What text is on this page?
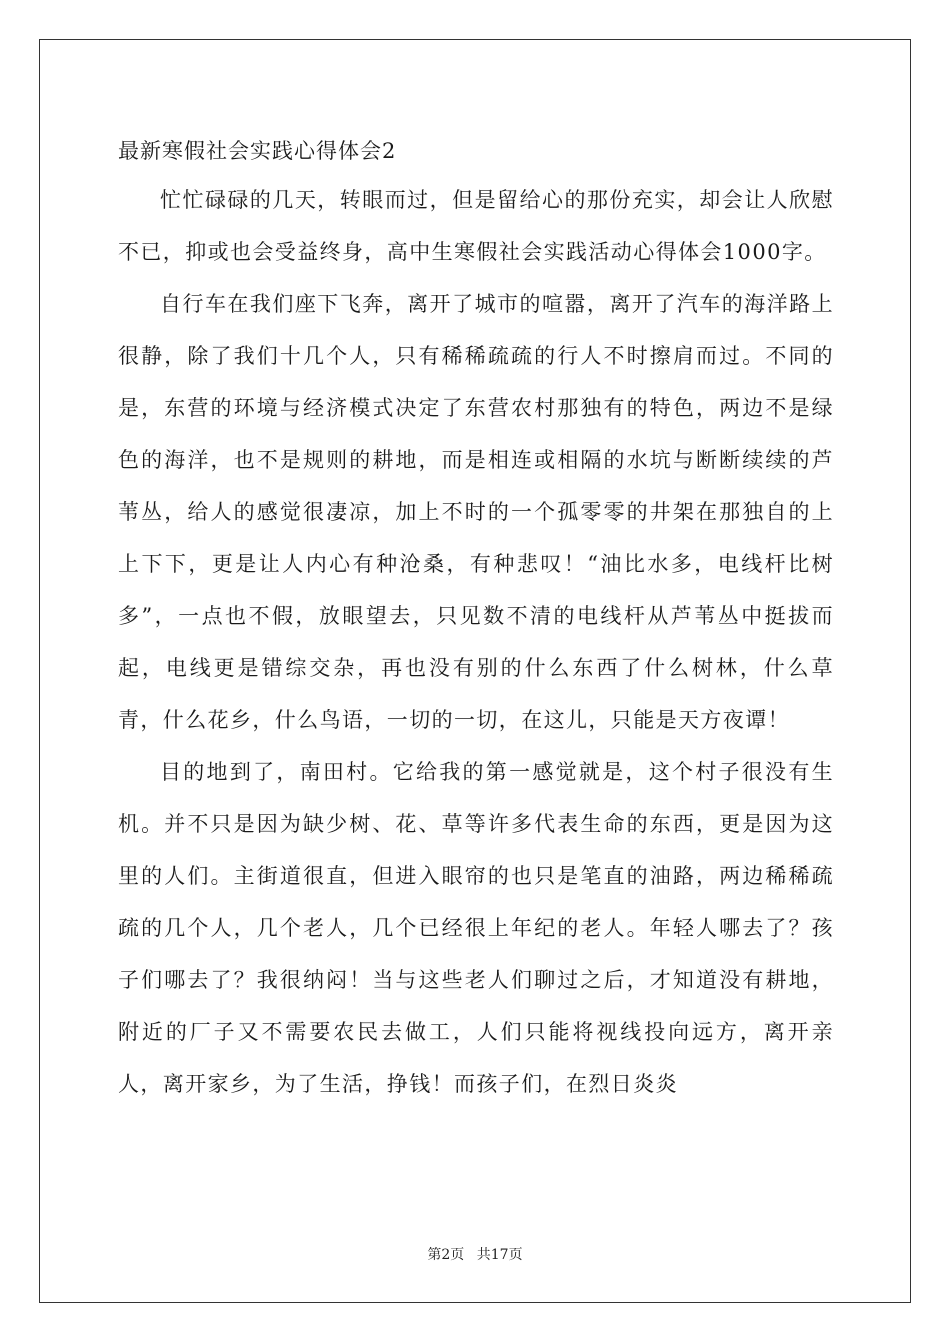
最新寒假社会实践心得体会2

忙忙碌碌的几天，转眼而过，但是留给心的那份充实，却会让人欣慰不已，抑或也会受益终身，高中生寒假社会实践活动心得体会1000字。

自行车在我们座下飞奔，离开了城市的喧嚣，离开了汽车的海洋路上很静，除了我们十几个人，只有稀稀疏疏的行人不时擦肩而过。不同的是，东营的环境与经济模式决定了东营农村那独有的特色，两边不是绿色的海洋，也不是规则的耕地，而是相连或相隔的水坑与断断续续的芦苇丛，给人的感觉很凄凉，加上不时的一个孤零零的井架在那独自的上上下下，更是让人内心有种沧桑，有种悲叹！“油比水多，电线杆比树多”，一点也不假，放眼望去，只见数不清的电线杆从芦苇丛中挺拔而起，电线更是错综交杂，再也没有别的什么东西了什么树林，什么草青，什么花乡，什么鸟语，一切的一切，在这儿，只能是天方夜谭！

目的地到了，南田村。它给我的第一感觉就是，这个村子很没有生机。并不只是因为缺少树、花、草等许多代表生命的东西，更是因为这里的人们。主街道很直，但进入眼帘的也只是笔直的油路，两边稀稀疏疏的几个人，几个老人，几个已经很上年纪的老人。年轻人哪去了？孩子们哪去了？我很纳闷！当与这些老人们聊过之后，才知道没有耕地，附近的厂子又不需要农民去做工，人们只能将视线投向远方，离开亲人，离开家乡，为了生活，挣钱！而孩子们，在烈日炎炎

第2页 共17页
